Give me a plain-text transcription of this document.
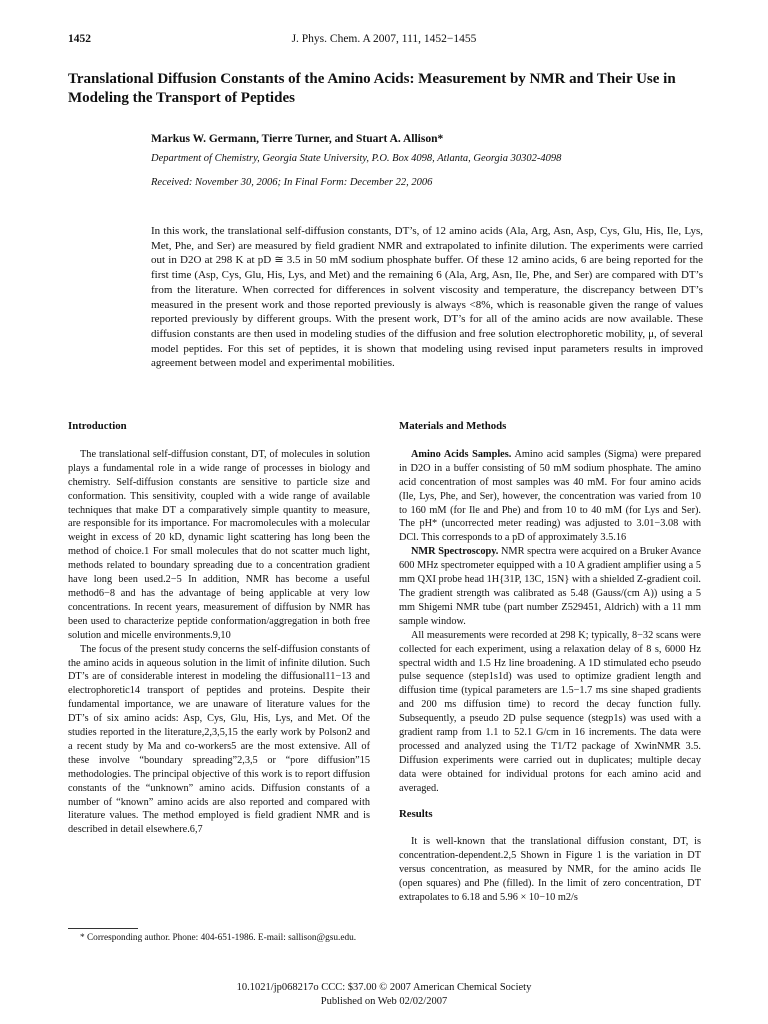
1452	J. Phys. Chem. A 2007, 111, 1452−1455
Translational Diffusion Constants of the Amino Acids: Measurement by NMR and Their Use in Modeling the Transport of Peptides
Markus W. Germann, Tierre Turner, and Stuart A. Allison*
Department of Chemistry, Georgia State University, P.O. Box 4098, Atlanta, Georgia 30302-4098
Received: November 30, 2006; In Final Form: December 22, 2006

In this work, the translational self-diffusion constants, DT’s, of 12 amino acids (Ala, Arg, Asn, Asp, Cys, Glu, His, Ile, Lys, Met, Phe, and Ser) are measured by field gradient NMR and extrapolated to infinite dilution. The experiments were carried out in D2O at 298 K at pD ≅ 3.5 in 50 mM sodium phosphate buffer. Of these 12 amino acids, 6 are being reported for the first time (Asp, Cys, Glu, His, Lys, and Met) and the remaining 6 (Ala, Arg, Asn, Ile, Phe, and Ser) are compared with DT’s from the literature. When corrected for differences in solvent viscosity and temperature, the discrepancy between DT’s measured in the present work and those reported previously is always <8%, which is reasonable given the range of values reported previously by different groups. With the present work, DT’s for all of the amino acids are now available. These diffusion constants are then used in modeling studies of the diffusion and free solution electrophoretic mobility, μ, of several model peptides. For this set of peptides, it is shown that modeling using revised input parameters results in improved agreement between model and experimental mobilities.

Introduction

The translational self-diffusion constant, DT, of molecules in solution plays a fundamental role in a wide range of processes in biology and chemistry. Self-diffusion constants are sensitive to particle size and conformation. This sensitivity, coupled with a wide range of available techniques that make DT a comparatively simple quantity to measure, are responsible for its importance. For macromolecules with a molecular weight in excess of 20 kD, dynamic light scattering has long been the method of choice.1 For small molecules that do not scatter much light, methods related to boundary spreading due to a concentration gradient have long been used.2−5 In addition, NMR has become a useful method6−8 and has the advantage of being applicable at very low concentrations. In recent years, measurement of diffusion by NMR has been used to characterize peptide conformation/aggregation in both free solution and micelle environments.9,10

The focus of the present study concerns the self-diffusion constants of the amino acids in aqueous solution in the limit of infinite dilution. Such DT’s are of considerable interest in modeling the diffusional11−13 and electrophoretic14 transport of peptides and proteins. Despite their fundamental importance, we are unaware of literature values for the DT’s of six amino acids: Asp, Cys, Glu, His, Lys, and Met. Of the studies reported in the literature,2,3,5,15 the early work by Polson2 and a recent study by Ma and co-workers5 are the most extensive. All of these involve “boundary spreading”2,3,5 or “pore diffusion”15 methodologies. The principal objective of this work is to report diffusion constants of the “unknown” amino acids. Diffusion constants of a number of “known” amino acids are also reported and compared with literature values. The method employed is field gradient NMR and is described in detail elsewhere.6,7

* Corresponding author. Phone: 404-651-1986. E-mail: sallison@gsu.edu.
Materials and Methods

Amino Acids Samples. Amino acid samples (Sigma) were prepared in D2O in a buffer consisting of 50 mM sodium phosphate. The amino acid concentration of most samples was 40 mM. For four amino acids (Ile, Lys, Phe, and Ser), however, the concentration was varied from 10 to 160 mM (for Ile and Phe) and from 10 to 40 mM (for Lys and Ser). The pH* (uncorrected meter reading) was adjusted to 3.01−3.08 with DCl. This corresponds to a pD of approximately 3.5.16

NMR Spectroscopy. NMR spectra were acquired on a Bruker Avance 600 MHz spectrometer equipped with a 10 A gradient amplifier using a 5 mm QXI probe head 1H{31P, 13C, 15N} with a shielded Z-gradient coil. The gradient strength was calibrated as 5.48 (Gauss/(cm A)) using a 5 mm Shigemi NMR tube (part number Z529451, Aldrich) with a 11 mm sample window.

All measurements were recorded at 298 K; typically, 8−32 scans were collected for each experiment, using a relaxation delay of 8 s, 6000 Hz spectral width and 1.5 Hz line broadening. A 1D stimulated echo pseudo pulse sequence (step1s1d) was used to optimize gradient length and diffusion time (typical parameters are 1.5−1.7 ms sine shaped gradients and 200 ms diffusion time) to record the decay function fully. Subsequently, a pseudo 2D pulse sequence (stegp1s) was used with a gradient ramp from 1.1 to 52.1 G/cm in 16 increments. The data were processed and analyzed using the T1/T2 package of XwinNMR 3.5. Diffusion experiments were carried out in duplicates; multiple decay data were obtained for individual protons for each amino acid and averaged.

Results

It is well-known that the translational diffusion constant, DT, is concentration-dependent.2,5 Shown in Figure 1 is the variation in DT versus concentration, as measured by NMR, for the amino acids Ile (open squares) and Phe (filled). In the limit of zero concentration, DT extrapolates to 6.18 and 5.96 × 10−10 m2/s

10.1021/jp068217o CCC: $37.00 © 2007 American Chemical Society
Published on Web 02/02/2007
